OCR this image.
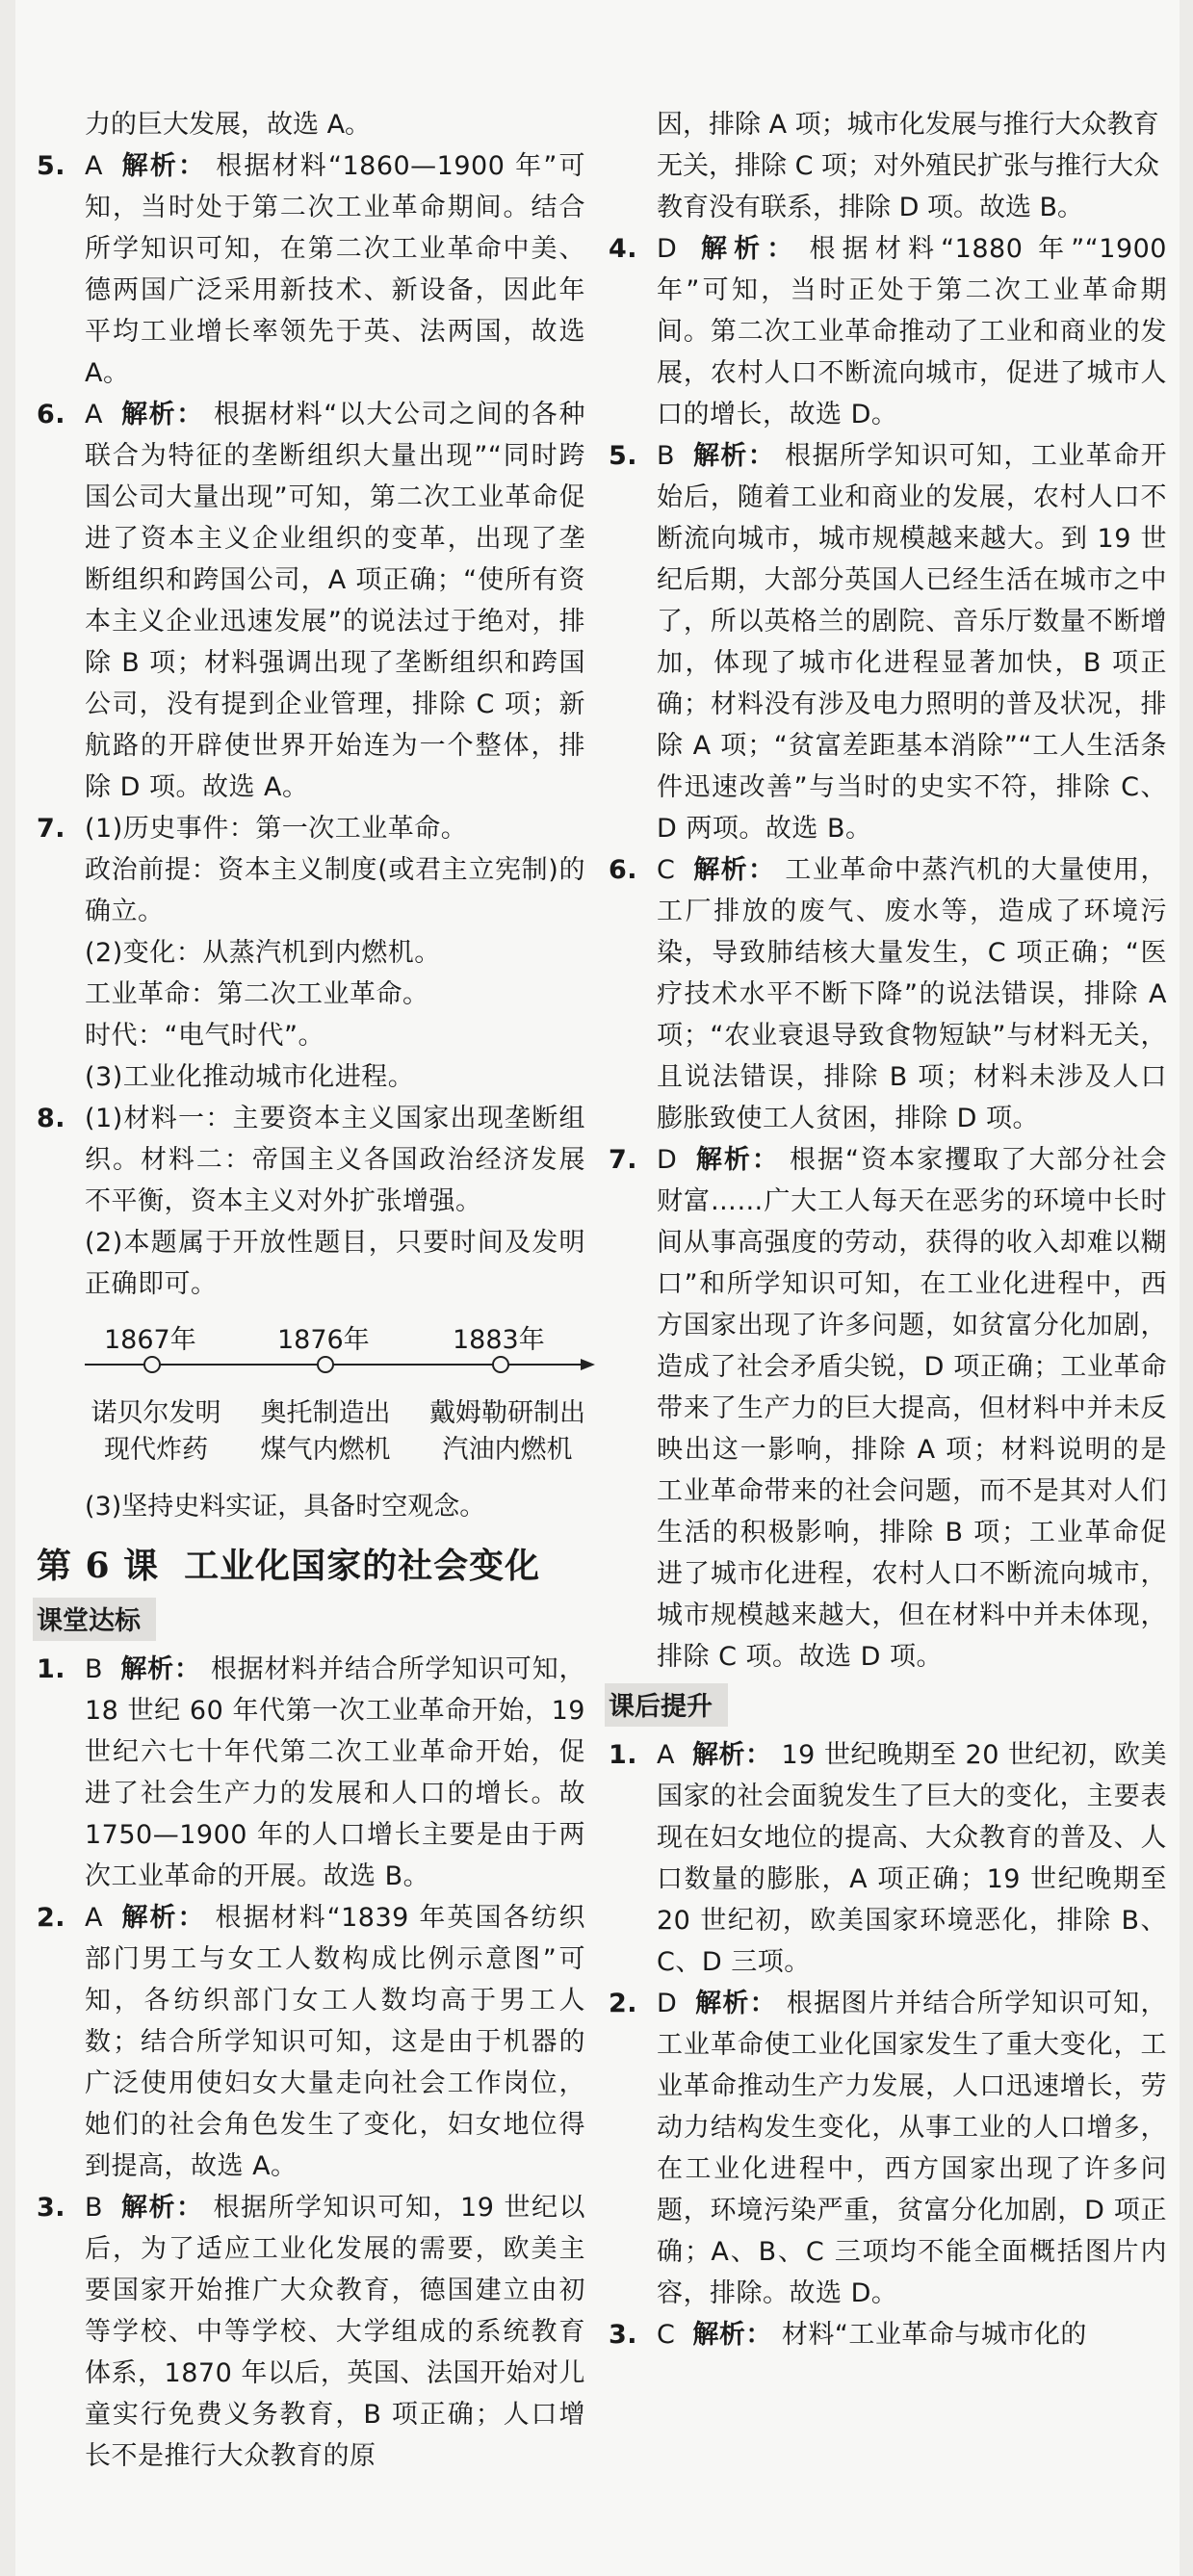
力的巨大发展，故选 A。
5. A 解析： 根据材料“1860—1900 年”可知，当时处于第二次工业革命期间。结合所学知识可知，在第二次工业革命中美、德两国广泛采用新技术、新设备，因此年平均工业增长率领先于英、法两国，故选 A。
6. A 解析： 根据材料“以大公司之间的各种联合为特征的垄断组织大量出现”“同时跨国公司大量出现”可知，第二次工业革命促进了资本主义企业组织的变革，出现了垄断组织和跨国公司，A 项正确；“使所有资本主义企业迅速发展”的说法过于绝对，排除 B 项；材料强调出现了垄断组织和跨国公司，没有提到企业管理，排除 C 项；新航路的开辟使世界开始连为一个整体，排除 D 项。故选 A。
7. (1)历史事件：第一次工业革命。
政治前提：资本主义制度(或君主立宪制)的确立。
(2)变化：从蒸汽机到内燃机。
工业革命：第二次工业革命。
时代：“电气时代”。
(3)工业化推动城市化进程。
8. (1)材料一：主要资本主义国家出现垄断组织。材料二：帝国主义各国政治经济发展不平衡，资本主义对外扩张增强。
(2)本题属于开放性题目，只要时间及发明正确即可。
1867年	1876年	1883年
诺贝尔发明
现代炸药
奥托制造出
煤气内燃机
戴姆勒研制出
汽油内燃机
(3)坚持史料实证，具备时空观念。
第 6 课 工业化国家的社会变化
课堂达标
1. B 解析： 根据材料并结合所学知识可知，18 世纪 60 年代第一次工业革命开始，19 世纪六七十年代第二次工业革命开始，促进了社会生产力的发展和人口的增长。故 1750—1900 年的人口增长主要是由于两次工业革命的开展。故选 B。
2. A 解析： 根据材料“1839 年英国各纺织部门男工与女工人数构成比例示意图”可知，各纺织部门女工人数均高于男工人数；结合所学知识可知，这是由于机器的广泛使用使妇女大量走向社会工作岗位，她们的社会角色发生了变化，妇女地位得到提高，故选 A。
3. B 解析： 根据所学知识可知，19 世纪以后，为了适应工业化发展的需要，欧美主要国家开始推广大众教育，德国建立由初等学校、中等学校、大学组成的系统教育体系，1870 年以后，英国、法国开始对儿童实行免费义务教育，B 项正确；人口增长不是推行大众教育的原
因，排除 A 项；城市化发展与推行大众教育无关，排除 C 项；对外殖民扩张与推行大众教育没有联系，排除 D 项。故选 B。
4. D 解析： 根据材料“1880 年”“1900 年”可知，当时正处于第二次工业革命期间。第二次工业革命推动了工业和商业的发展，农村人口不断流向城市，促进了城市人口的增长，故选 D。
5. B 解析： 根据所学知识可知，工业革命开始后，随着工业和商业的发展，农村人口不断流向城市，城市规模越来越大。到 19 世纪后期，大部分英国人已经生活在城市之中了，所以英格兰的剧院、音乐厅数量不断增加，体现了城市化进程显著加快，B 项正确；材料没有涉及电力照明的普及状况，排除 A 项；“贫富差距基本消除”“工人生活条件迅速改善”与当时的史实不符，排除 C、D 两项。故选 B。
6. C 解析： 工业革命中蒸汽机的大量使用，工厂排放的废气、废水等，造成了环境污染，导致肺结核大量发生，C 项正确；“医疗技术水平不断下降”的说法错误，排除 A 项；“农业衰退导致食物短缺”与材料无关，且说法错误，排除 B 项；材料未涉及人口膨胀致使工人贫困，排除 D 项。
7. D 解析： 根据“资本家攫取了大部分社会财富……广大工人每天在恶劣的环境中长时间从事高强度的劳动，获得的收入却难以糊口”和所学知识可知，在工业化进程中，西方国家出现了许多问题，如贫富分化加剧，造成了社会矛盾尖锐，D 项正确；工业革命带来了生产力的巨大提高，但材料中并未反映出这一影响，排除 A 项；材料说明的是工业革命带来的社会问题，而不是其对人们生活的积极影响，排除 B 项；工业革命促进了城市化进程，农村人口不断流向城市，城市规模越来越大，但在材料中并未体现，排除 C 项。故选 D 项。
课后提升
1. A 解析： 19 世纪晚期至 20 世纪初，欧美国家的社会面貌发生了巨大的变化，主要表现在妇女地位的提高、大众教育的普及、人口数量的膨胀，A 项正确；19 世纪晚期至 20 世纪初，欧美国家环境恶化，排除 B、C、D 三项。
2. D 解析： 根据图片并结合所学知识可知，工业革命使工业化国家发生了重大变化，工业革命推动生产力发展，人口迅速增长，劳动力结构发生变化，从事工业的人口增多，在工业化进程中，西方国家出现了许多问题，环境污染严重，贫富分化加剧，D 项正确；A、B、C 三项均不能全面概括图片内容，排除。故选 D。
3. C 解析： 材料“工业革命与城市化的
